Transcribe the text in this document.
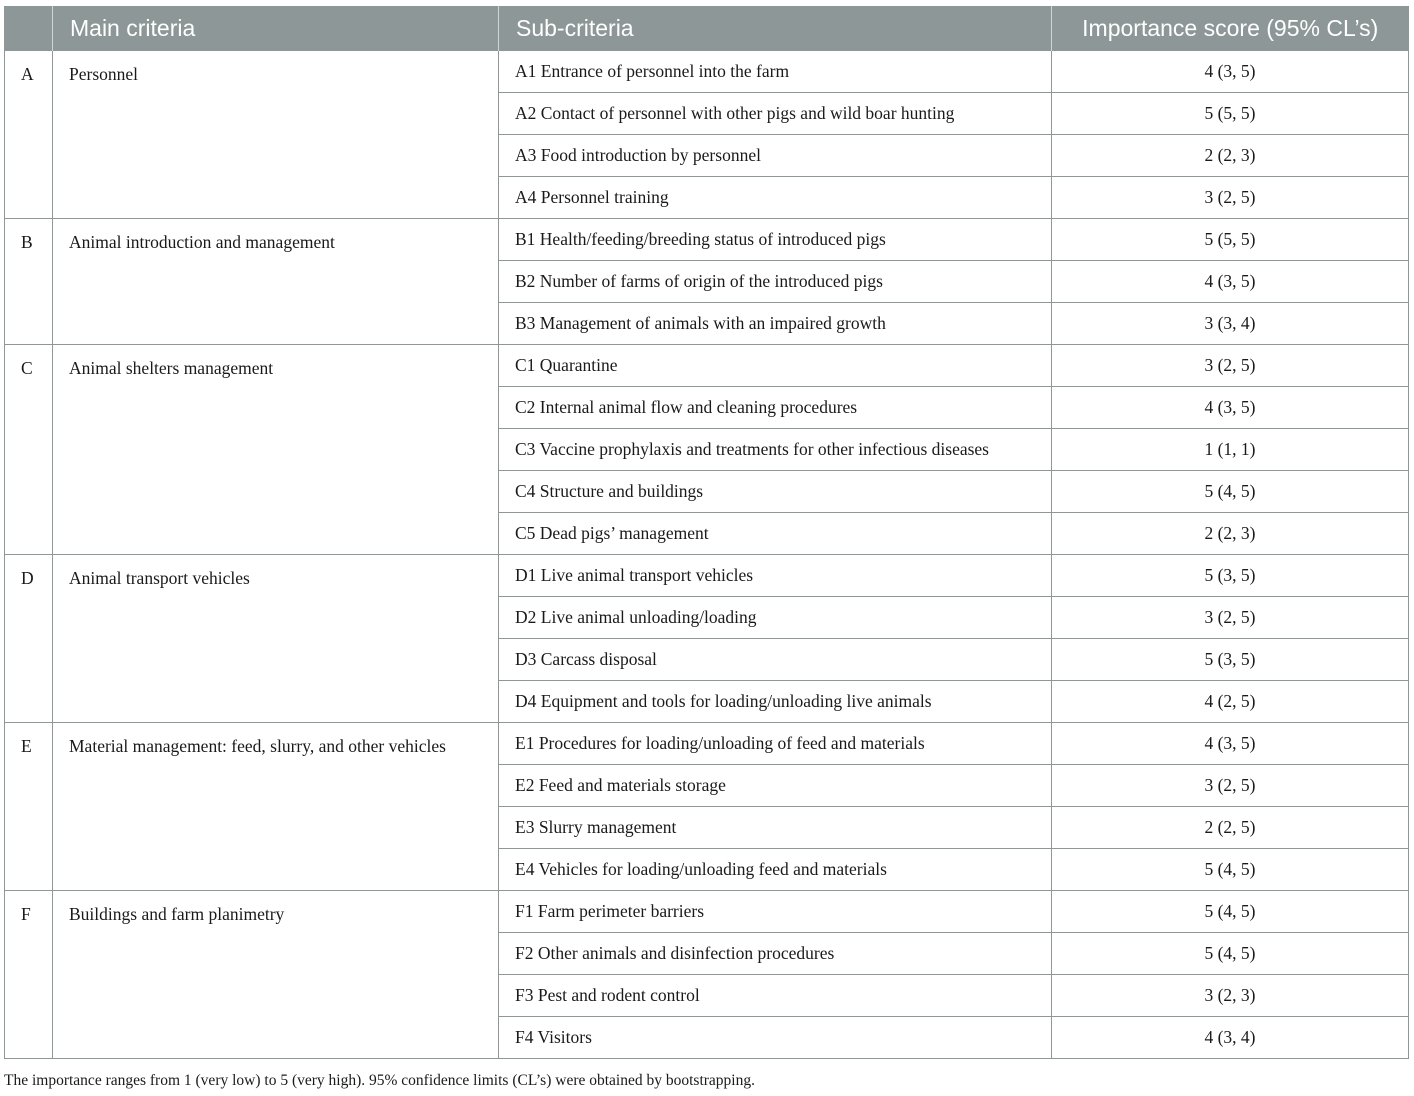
	Main criteria	Sub-criteria	Importance score (95% CL’s)
A	Personnel	A1 Entrance of personnel into the farm	4 (3, 5)
		A2 Contact of personnel with other pigs and wild boar hunting	5 (5, 5)
		A3 Food introduction by personnel	2 (2, 3)
		A4 Personnel training	3 (2, 5)
B	Animal introduction and management	B1 Health/feeding/breeding status of introduced pigs	5 (5, 5)
		B2 Number of farms of origin of the introduced pigs	4 (3, 5)
		B3 Management of animals with an impaired growth	3 (3, 4)
C	Animal shelters management	C1 Quarantine	3 (2, 5)
		C2 Internal animal flow and cleaning procedures	4 (3, 5)
		C3 Vaccine prophylaxis and treatments for other infectious diseases	1 (1, 1)
		C4 Structure and buildings	5 (4, 5)
		C5 Dead pigs’ management	2 (2, 3)
D	Animal transport vehicles	D1 Live animal transport vehicles	5 (3, 5)
		D2 Live animal unloading/loading	3 (2, 5)
		D3 Carcass disposal	5 (3, 5)
		D4 Equipment and tools for loading/unloading live animals	4 (2, 5)
E	Material management: feed, slurry, and other vehicles	E1 Procedures for loading/unloading of feed and materials	4 (3, 5)
		E2 Feed and materials storage	3 (2, 5)
		E3 Slurry management	2 (2, 5)
		E4 Vehicles for loading/unloading feed and materials	5 (4, 5)
F	Buildings and farm planimetry	F1 Farm perimeter barriers	5 (4, 5)
		F2 Other animals and disinfection procedures	5 (4, 5)
		F3 Pest and rodent control	3 (2, 3)
		F4 Visitors	4 (3, 4)
The importance ranges from 1 (very low) to 5 (very high). 95% confidence limits (CL’s) were obtained by bootstrapping.
